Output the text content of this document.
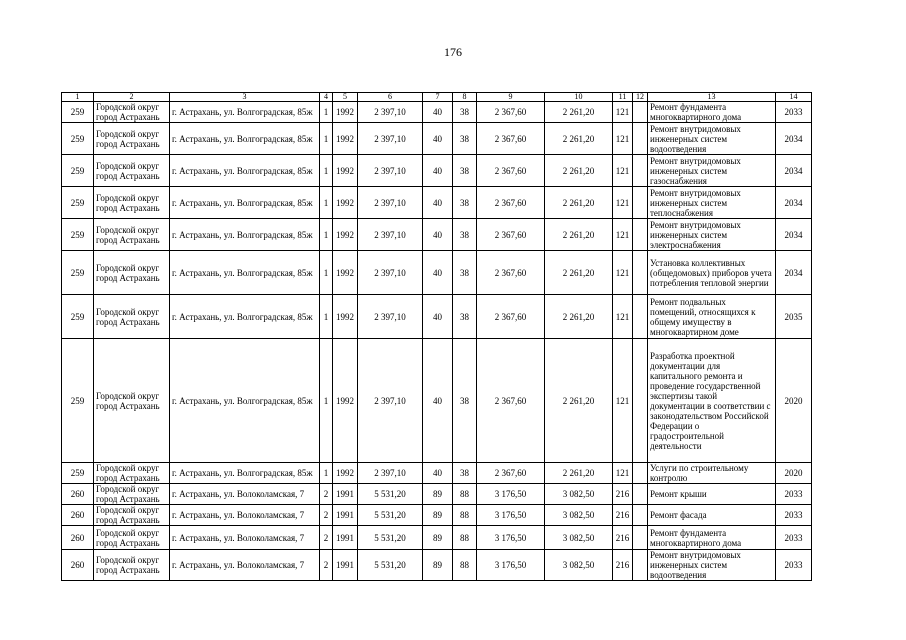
176
1	2	3	4	5	6	7	8	9	10	11	12	13	14
259	Городской округ город Астрахань	г. Астрахань, ул. Волгоградская, 85ж	1	1992	2 397,10	40	38	2 367,60	2 261,20	121		Ремонт фундамента многоквартирного дома	2033
259	Городской округ город Астрахань	г. Астрахань, ул. Волгоградская, 85ж	1	1992	2 397,10	40	38	2 367,60	2 261,20	121		Ремонт внутридомовых инженерных систем водоотведения	2034
259	Городской округ город Астрахань	г. Астрахань, ул. Волгоградская, 85ж	1	1992	2 397,10	40	38	2 367,60	2 261,20	121		Ремонт внутридомовых инженерных систем газоснабжения	2034
259	Городской округ город Астрахань	г. Астрахань, ул. Волгоградская, 85ж	1	1992	2 397,10	40	38	2 367,60	2 261,20	121		Ремонт внутридомовых инженерных систем теплоснабжения	2034
259	Городской округ город Астрахань	г. Астрахань, ул. Волгоградская, 85ж	1	1992	2 397,10	40	38	2 367,60	2 261,20	121		Ремонт внутридомовых инженерных систем электроснабжения	2034
259	Городской округ город Астрахань	г. Астрахань, ул. Волгоградская, 85ж	1	1992	2 397,10	40	38	2 367,60	2 261,20	121		Установка коллективных (общедомовых) приборов учета потребления тепловой энергии	2034
259	Городской округ город Астрахань	г. Астрахань, ул. Волгоградская, 85ж	1	1992	2 397,10	40	38	2 367,60	2 261,20	121		Ремонт подвальных помещений, относящихся к общему имуществу в многоквартирном доме	2035
259	Городской округ город Астрахань	г. Астрахань, ул. Волгоградская, 85ж	1	1992	2 397,10	40	38	2 367,60	2 261,20	121		Разработка проектной документации для капитального ремонта и проведение государственной экспертизы такой документации в соответствии с законодательством Российской Федерации о градостроительной деятельности	2020
259	Городской округ город Астрахань	г. Астрахань, ул. Волгоградская, 85ж	1	1992	2 397,10	40	38	2 367,60	2 261,20	121		Услуги по строительному контролю	2020
260	Городской округ город Астрахань	г. Астрахань, ул. Волоколамская, 7	2	1991	5 531,20	89	88	3 176,50	3 082,50	216		Ремонт крыши	2033
260	Городской округ город Астрахань	г. Астрахань, ул. Волоколамская, 7	2	1991	5 531,20	89	88	3 176,50	3 082,50	216		Ремонт фасада	2033
260	Городской округ город Астрахань	г. Астрахань, ул. Волоколамская, 7	2	1991	5 531,20	89	88	3 176,50	3 082,50	216		Ремонт фундамента многоквартирного дома	2033
260	Городской округ город Астрахань	г. Астрахань, ул. Волоколамская, 7	2	1991	5 531,20	89	88	3 176,50	3 082,50	216		Ремонт внутридомовых инженерных систем водоотведения	2033
